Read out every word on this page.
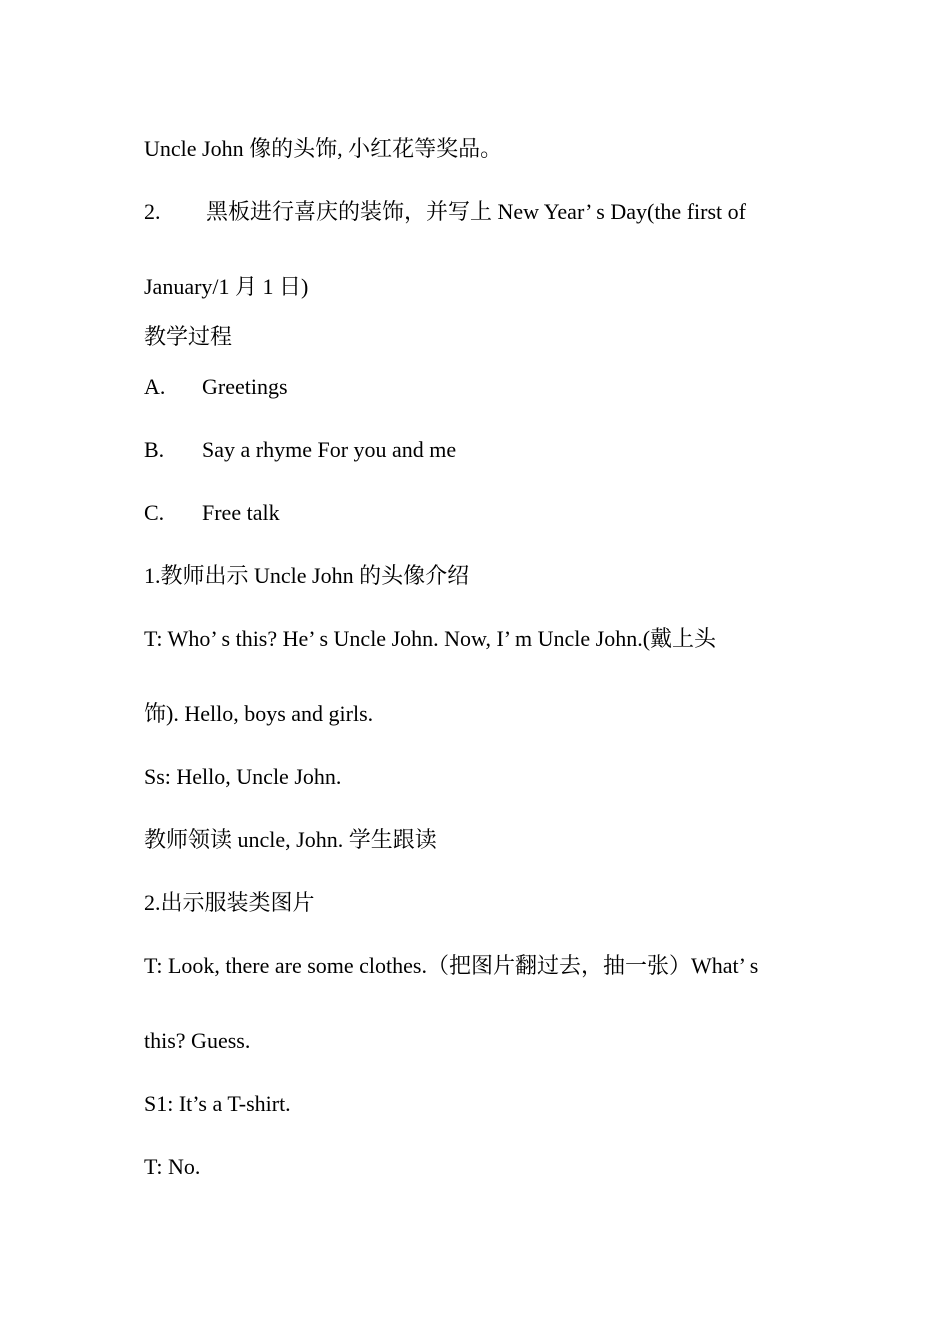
Uncle John 像的头饰, 小红花等奖品。
2. 黑板进行喜庆的装饰，并写上 New Year’ s Day(the first of
January/1 月 1 日)
教学过程
A. Greetings
B. Say a rhyme For you and me
C. Free talk
1.教师出示 Uncle John 的头像介绍
T: Who’ s this? He’ s Uncle John. Now, I’ m Uncle John.(戴上头
饰). Hello, boys and girls.
Ss: Hello, Uncle John.
教师领读 uncle, John. 学生跟读
2.出示服装类图片
T: Look, there are some clothes.（把图片翻过去，抽一张）What’ s
this? Guess.
S1: It’s a T-shirt.
T: No.
